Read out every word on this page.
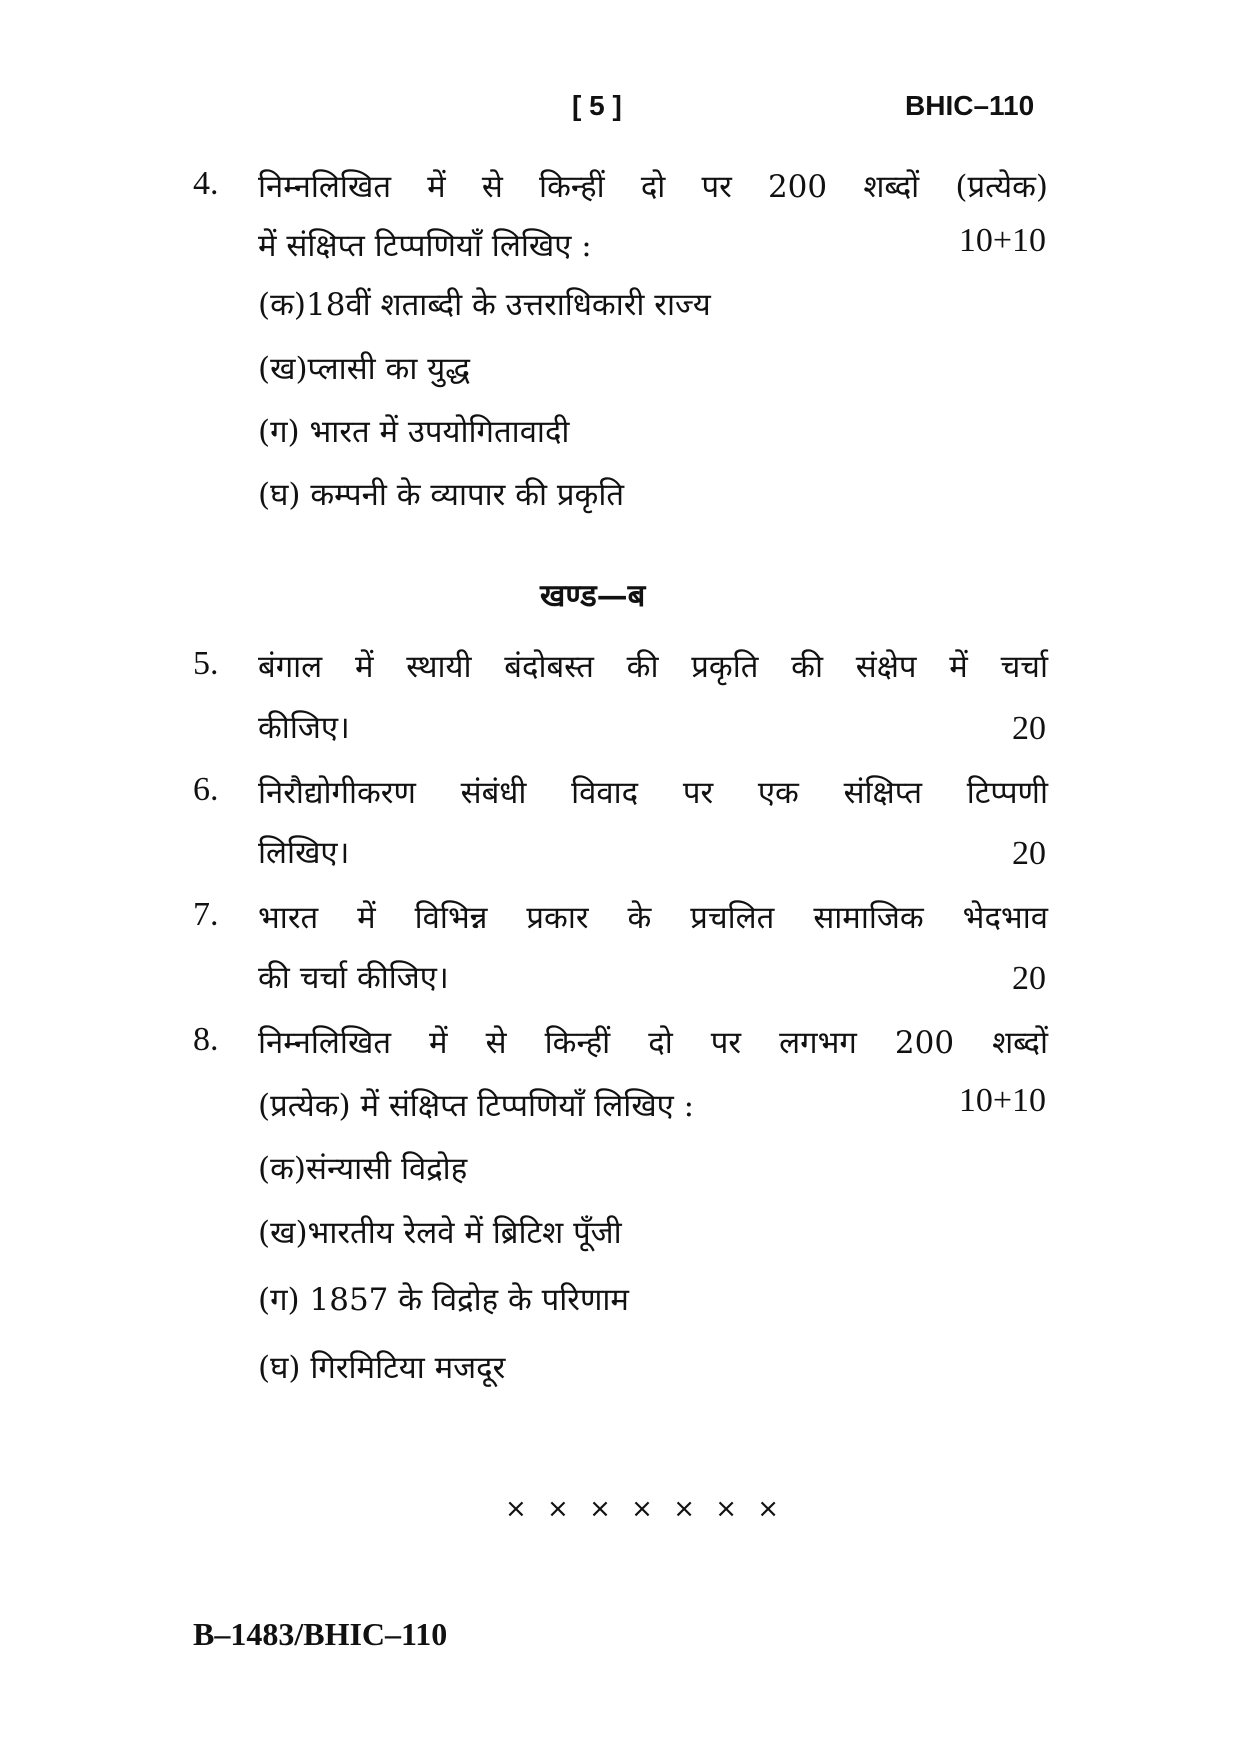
[ 5 ]	BHIC–110
4. निम्नलिखित में से किन्हीं दो पर 200 शब्दों (प्रत्येक)
में संक्षिप्त टिप्पणियाँ लिखिए :	10+10
(क)18वीं शताब्दी के उत्तराधिकारी राज्य
(ख)प्लासी का युद्ध
(ग) भारत में उपयोगितावादी
(घ) कम्पनी के व्यापार की प्रकृति
खण्ड—ब
5. बंगाल में स्थायी बंदोबस्त की प्रकृति की संक्षेप में चर्चा
कीजिए।	20
6. निरौद्योगीकरण संबंधी विवाद पर एक संक्षिप्त टिप्पणी
लिखिए।	20
7. भारत में विभिन्न प्रकार के प्रचलित सामाजिक भेदभाव
की चर्चा कीजिए।	20
8. निम्नलिखित में से किन्हीं दो पर लगभग 200 शब्दों
(प्रत्येक) में संक्षिप्त टिप्पणियाँ लिखिए :	10+10
(क)संन्यासी विद्रोह
(ख)भारतीय रेलवे में ब्रिटिश पूँजी
(ग) 1857 के विद्रोह के परिणाम
(घ) गिरमिटिया मजदूर
× × × × × × ×
B–1483/BHIC–110
